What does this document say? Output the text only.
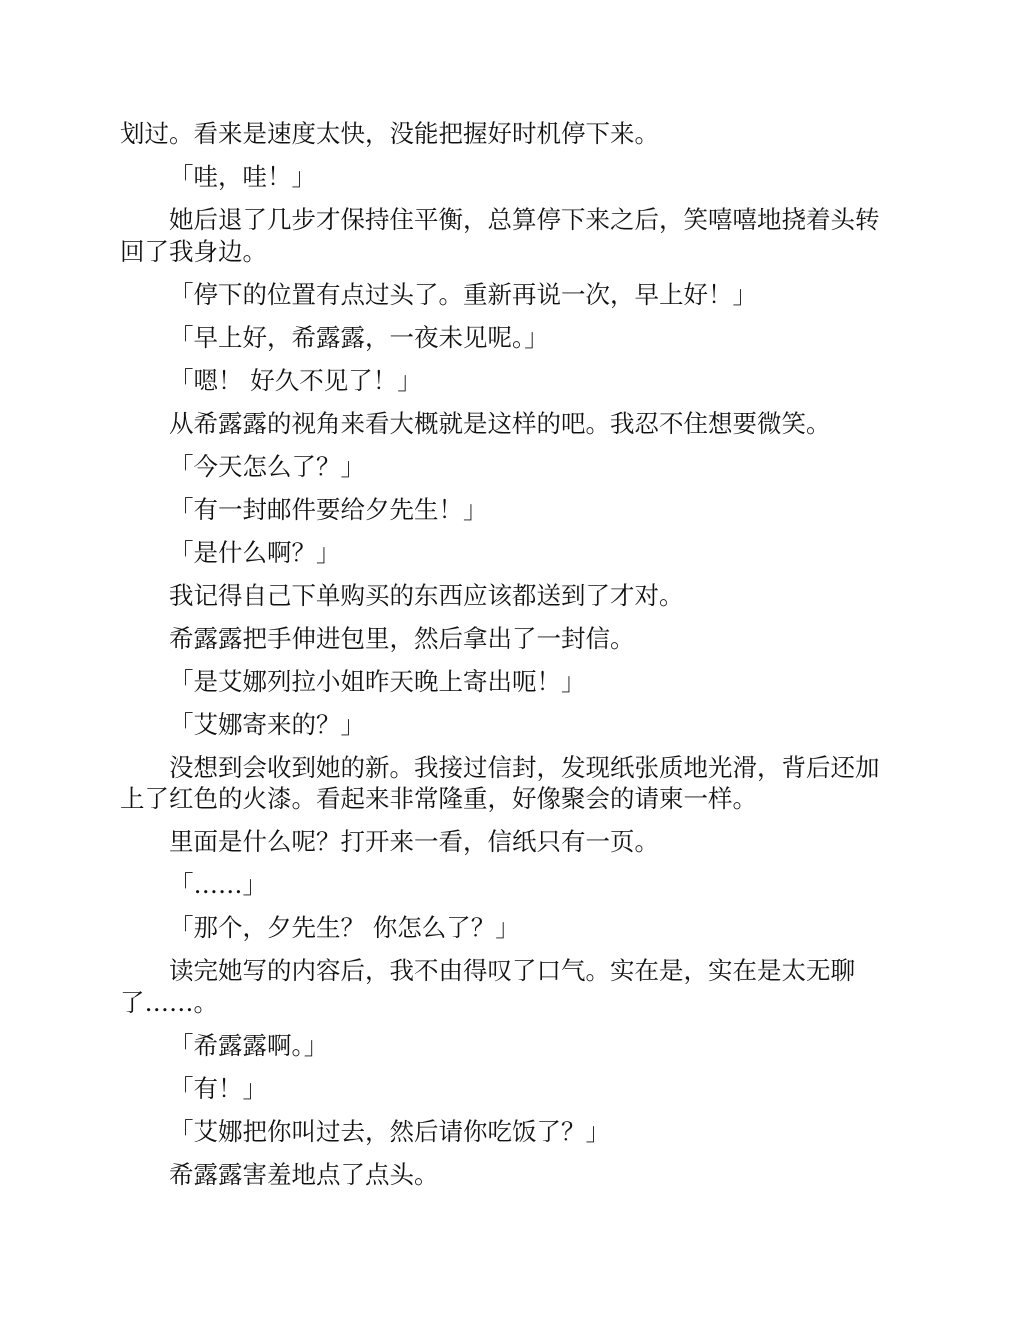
划过。看来是速度太快，没能把握好时机停下来。

「哇，哇！」

她后退了几步才保持住平衡，总算停下来之后，笑嘻嘻地挠着头转回了我身边。

「停下的位置有点过头了。重新再说一次，早上好！」

「早上好，希露露，一夜未见呢。」

「嗯！ 好久不见了！」

从希露露的视角来看大概就是这样的吧。我忍不住想要微笑。

「今天怎么了？」

「有一封邮件要给夕先生！」

「是什么啊？」

我记得自己下单购买的东西应该都送到了才对。

希露露把手伸进包里，然后拿出了一封信。

「是艾娜列拉小姐昨天晚上寄出呃！」

「艾娜寄来的？」

没想到会收到她的新。我接过信封，发现纸张质地光滑，背后还加上了红色的火漆。看起来非常隆重，好像聚会的请柬一样。

里面是什么呢？打开来一看，信纸只有一页。

「……」

「那个，夕先生？ 你怎么了？」

读完她写的内容后，我不由得叹了口气。实在是，实在是太无聊了……。

「希露露啊。」

「有！」

「艾娜把你叫过去，然后请你吃饭了？」

希露露害羞地点了点头。
